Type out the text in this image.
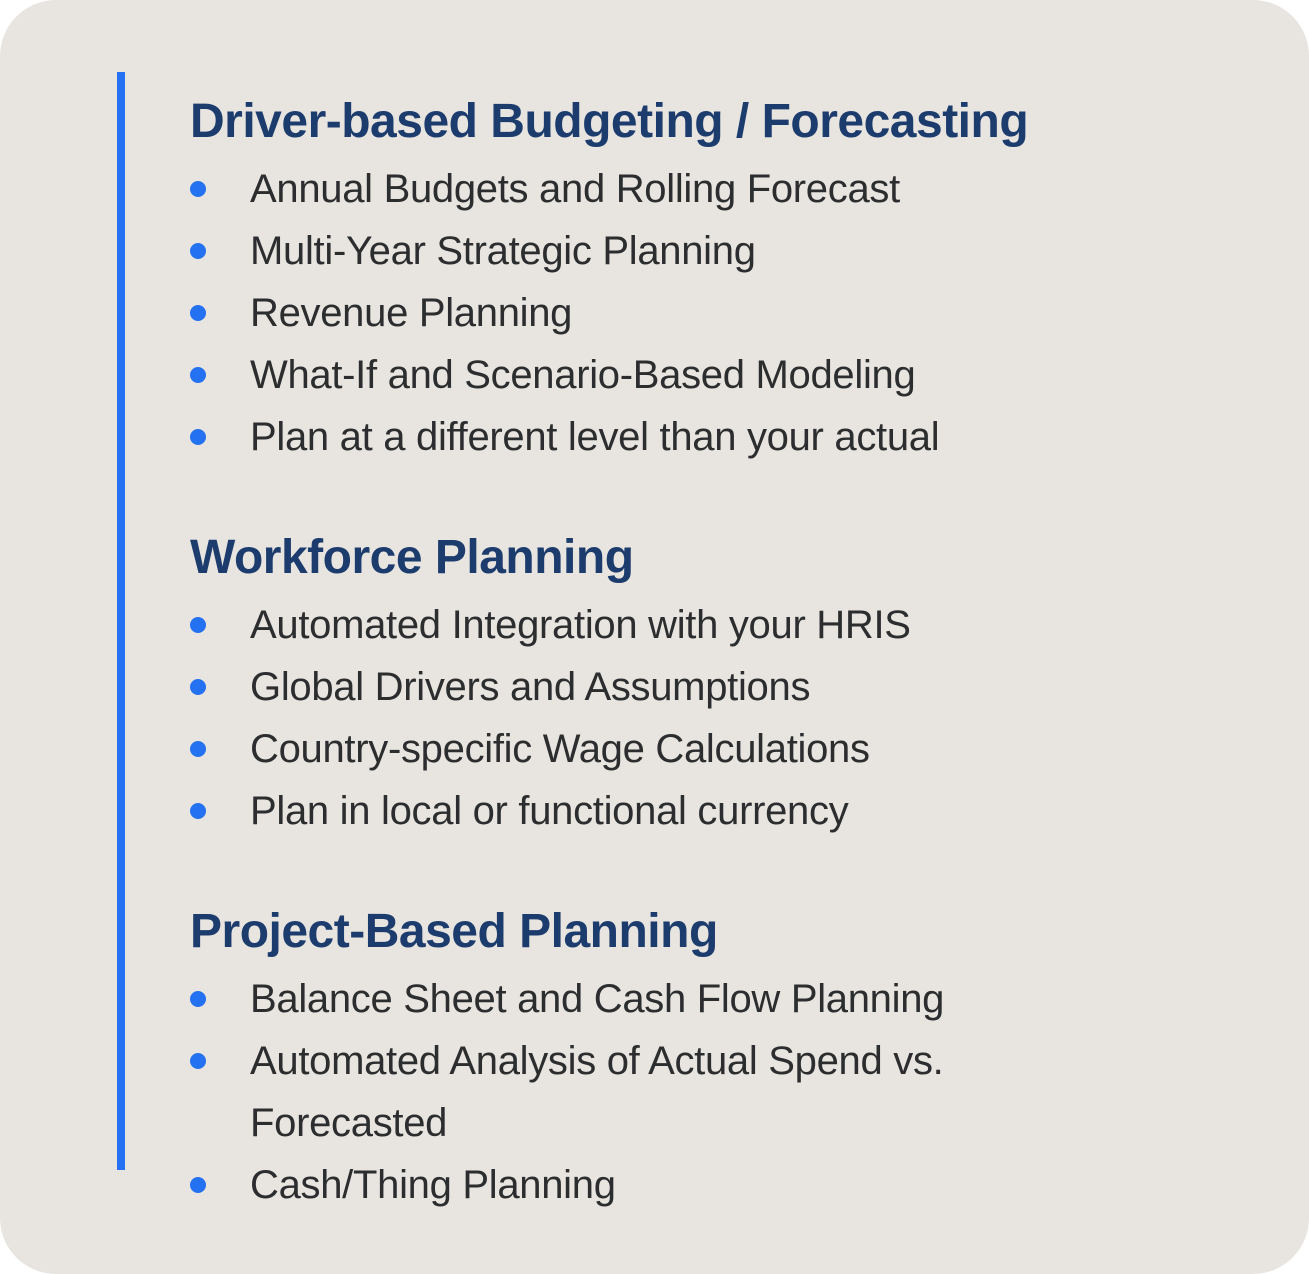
Driver-based Budgeting / Forecasting
Annual Budgets and Rolling Forecast
Multi-Year Strategic Planning
Revenue Planning
What-If and Scenario-Based Modeling
Plan at a different level than your actual
Workforce Planning
Automated Integration with your HRIS
Global Drivers and Assumptions
Country-specific Wage Calculations
Plan in local or functional currency
Project-Based Planning
Balance Sheet and Cash Flow Planning
Automated Analysis of Actual Spend vs. Forecasted
Cash/Thing Planning
